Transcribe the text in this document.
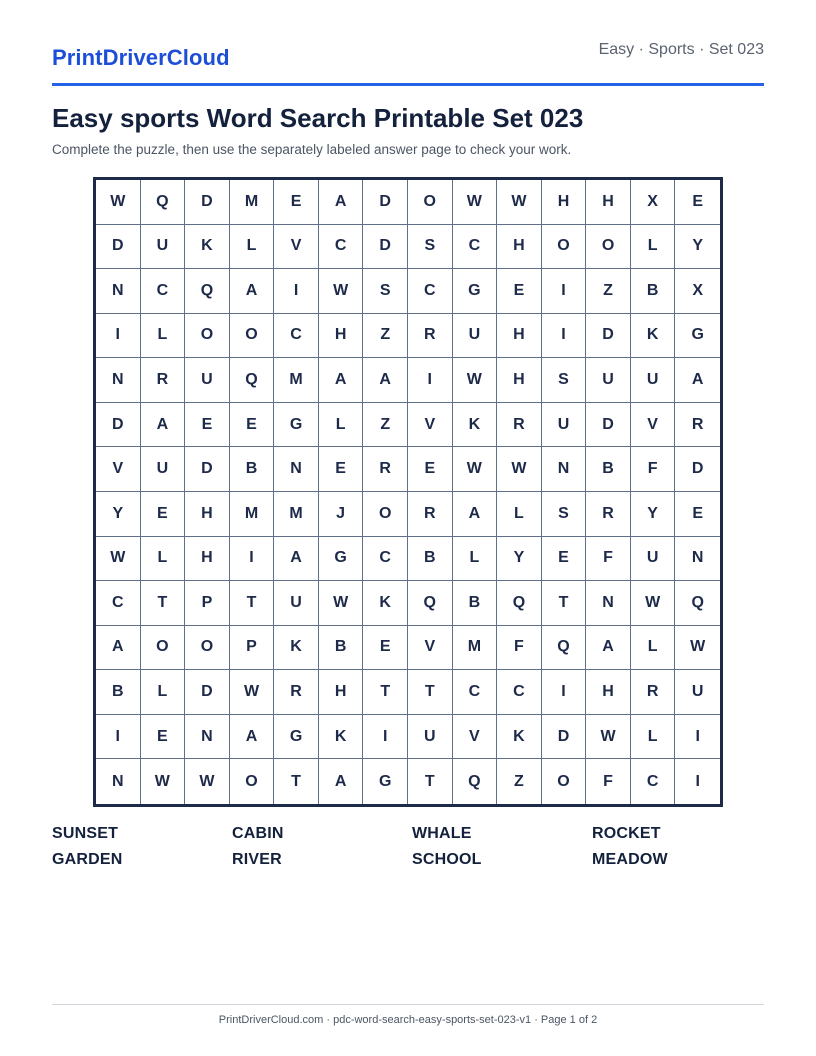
PrintDriverCloud	Easy · Sports · Set 023
Easy sports Word Search Printable Set 023
Complete the puzzle, then use the separately labeled answer page to check your work.
W	Q	D	M	E	A	D	O	W	W	H	H	X	E
D	U	K	L	V	C	D	S	C	H	O	O	L	Y
N	C	Q	A	I	W	S	C	G	E	I	Z	B	X
I	L	O	O	C	H	Z	R	U	H	I	D	K	G
N	R	U	Q	M	A	A	I	W	H	S	U	U	A
D	A	E	E	G	L	Z	V	K	R	U	D	V	R
V	U	D	B	N	E	R	E	W	W	N	B	F	D
Y	E	H	M	M	J	O	R	A	L	S	R	Y	E
W	L	H	I	A	G	C	B	L	Y	E	F	U	N
C	T	P	T	U	W	K	Q	B	Q	T	N	W	Q
A	O	O	P	K	B	E	V	M	F	Q	A	L	W
B	L	D	W	R	H	T	T	C	C	I	H	R	U
I	E	N	A	G	K	I	U	V	K	D	W	L	I
N	W	W	O	T	A	G	T	Q	Z	O	F	C	I
SUNSET	CABIN	WHALE	ROCKET
GARDEN	RIVER	SCHOOL	MEADOW
PrintDriverCloud.com · pdc-word-search-easy-sports-set-023-v1 · Page 1 of 2
